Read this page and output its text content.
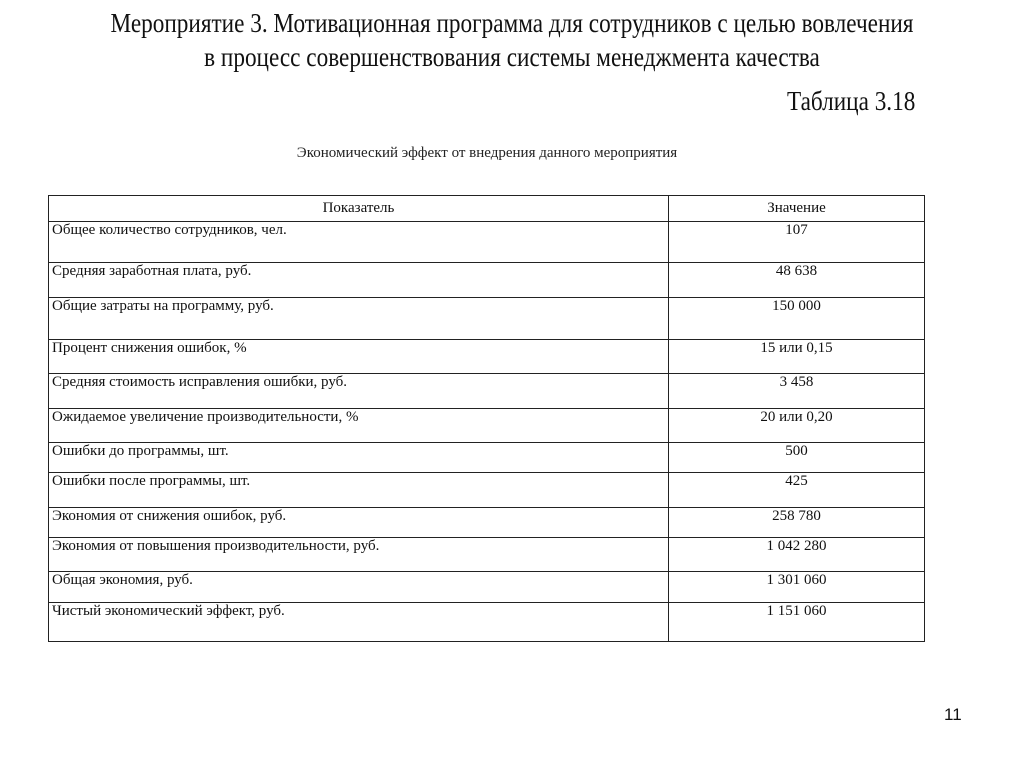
Мероприятие 3. Мотивационная программа для сотрудников с целью вовлечения
в процесс совершенствования системы менеджмента качества
Таблица 3.18
Экономический эффект от внедрения данного мероприятия
Показатель	Значение
Общее количество сотрудников, чел.	107
Средняя заработная плата, руб.	48 638
Общие затраты на программу, руб.	150 000
Процент снижения ошибок, %	15 или 0,15
Средняя стоимость исправления ошибки, руб.	3 458
Ожидаемое увеличение производительности, %	20 или 0,20
Ошибки до программы, шт.	500
Ошибки после программы, шт.	425
Экономия от снижения ошибок, руб.	258 780
Экономия от повышения производительности, руб.	1 042 280
Общая экономия, руб.	1 301 060
Чистый экономический эффект, руб.	1 151 060
11
